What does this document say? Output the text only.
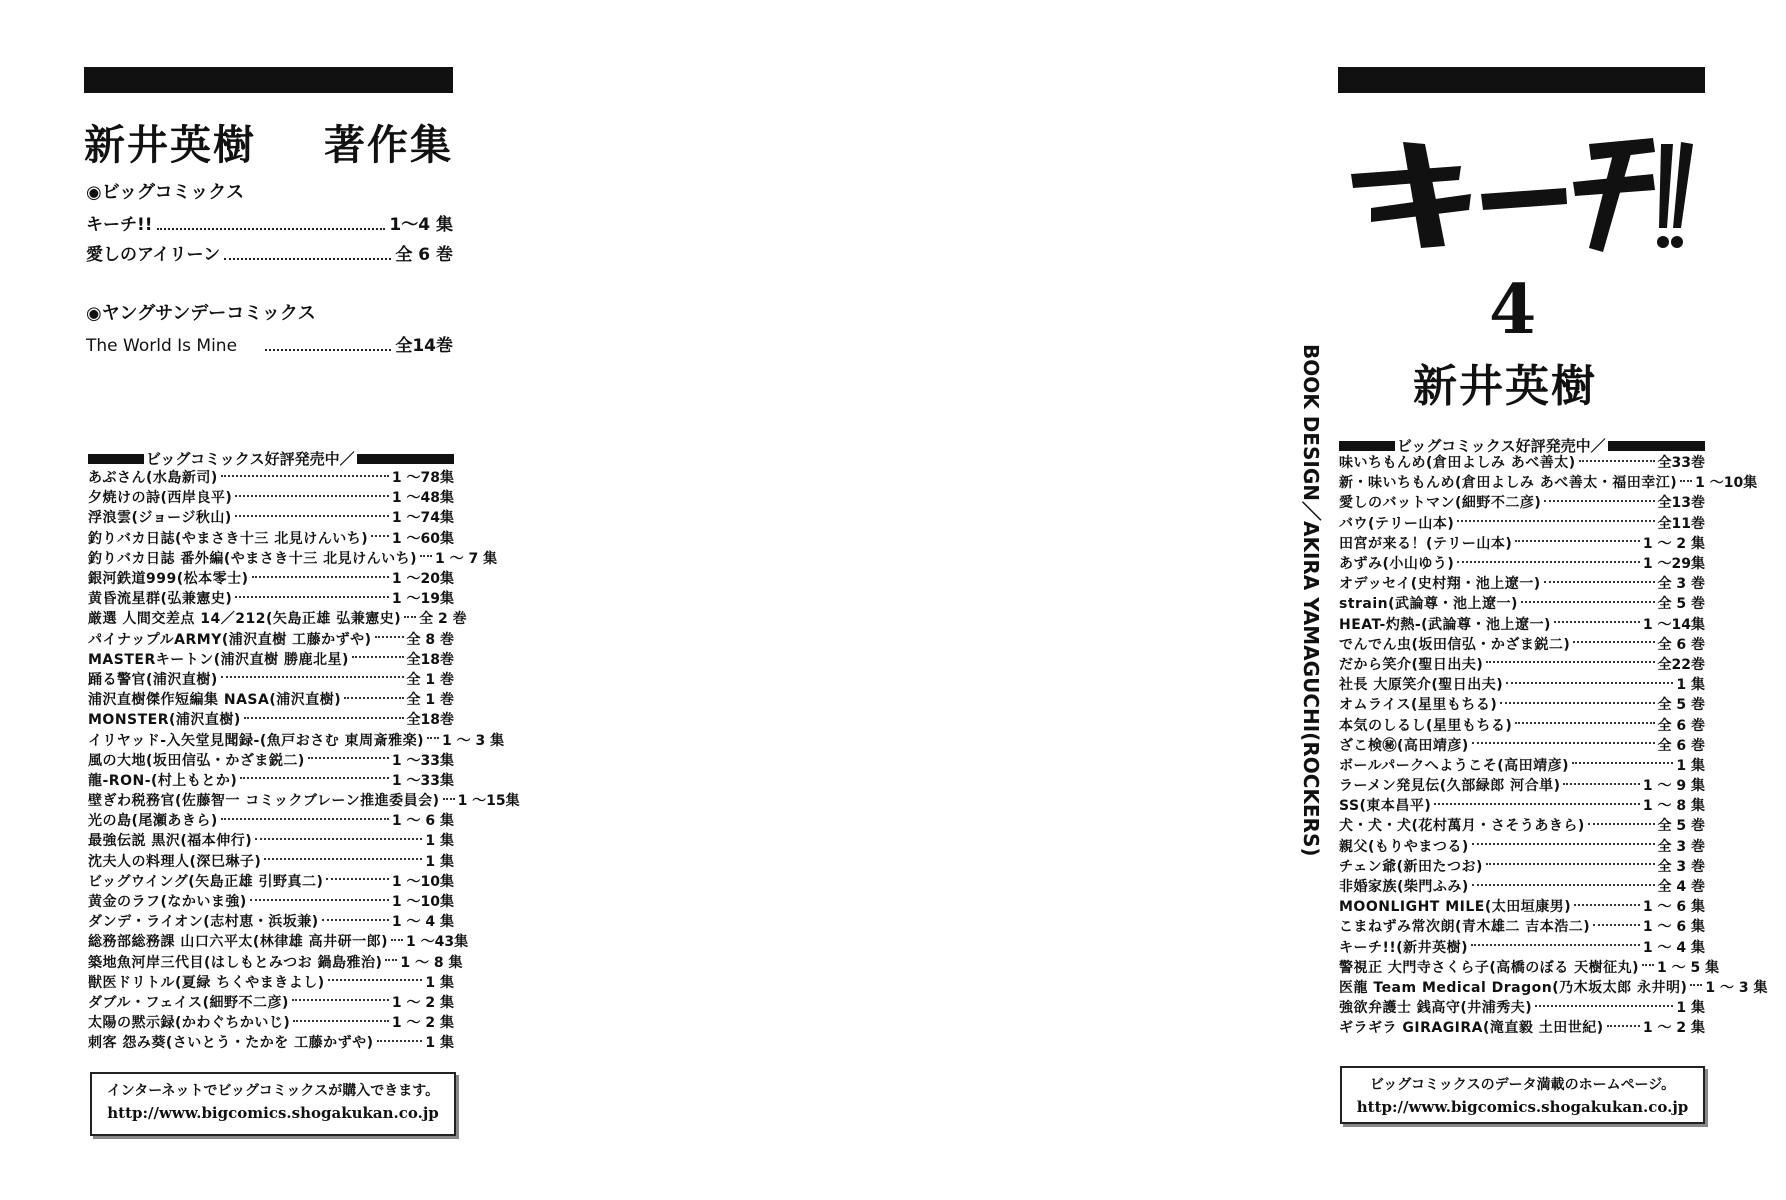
新井英樹 著作集
◉ビッグコミックス
キーチ!!	1～4 集
愛しのアイリーン	全 6 巻
◉ヤングサンデーコミックス
The World Is Mine	全14巻
ビッグコミックス好評発売中／
あぶさん(水島新司)	1 ～78集
夕焼けの詩(西岸良平)	1 ～48集
浮浪雲(ジョージ秋山)	1 ～74集
釣りバカ日誌(やまさき十三 北見けんいち) 1 ～60集
釣りバカ日誌 番外編(やまさき十三 北見けんいち) 1 ～ 7 集
銀河鉄道999(松本零士)	1 ～20集
黄昏流星群(弘兼憲史)	1 ～19集
厳選 人間交差点 14／212(矢島正雄 弘兼憲史) 全 2 巻
パイナップルARMY(浦沢直樹 工藤かずや) 全 8 巻
MASTERキートン(浦沢直樹 勝鹿北星)	全18巻
踊る警官(浦沢直樹)	全 1 巻
浦沢直樹傑作短編集 NASA(浦沢直樹)	全 1 巻
MONSTER(浦沢直樹)	全18巻
イリヤッド-入矢堂見聞録-(魚戸おさむ 東周斎雅楽) 1 ～ 3 集
風の大地(坂田信弘・かざま鋭二)	1 ～33集
龍-RON-(村上もとか)	1 ～33集
壁ぎわ税務官(佐藤智一 コミックブレーン推進委員会) 1 ～15集
光の島(尾瀬あきら)	1 ～ 6 集
最強伝説 黒沢(福本伸行)	1 集
沈夫人の料理人(深巳琳子)	1 集
ビッグウイング(矢島正雄 引野真二)	1 ～10集
黄金のラフ(なかいま強)	1 ～10集
ダンデ・ライオン(志村恵・浜坂兼)	1 ～ 4 集
総務部総務課 山口六平太(林律雄 高井研一郎) 1 ～43集
築地魚河岸三代目(はしもとみつお 鍋島雅治) 1 ～ 8 集
獣医ドリトル(夏緑 ちくやまきよし)	1 集
ダブル・フェイス(細野不二彦)	1 ～ 2 集
太陽の黙示録(かわぐちかいじ)	1 ～ 2 集
刺客 怨み葵(さいとう・たかを 工藤かずや)	1 集
インターネットでビッグコミックスが購入できます。
http://www.bigcomics.shogakukan.co.jp
4
新井英樹
BOOK DESIGN／AKIRA YAMAGUCHI(ROCKERS)	ビッグコミックス好評発売中／
味いちもんめ(倉田よしみ あべ善太)	全33巻
新・味いちもんめ(倉田よしみ あべ善太・福田幸江) 1 ～10集
愛しのバットマン(細野不二彦)	全13巻
バウ(テリー山本)	全11巻
田宮が来る！(テリー山本)	1 ～ 2 集
あずみ(小山ゆう)	1 ～29集
オデッセイ(史村翔・池上遼一)	全 3 巻
strain(武論尊・池上遼一)	全 5 巻
HEAT-灼熱-(武論尊・池上遼一)	1 ～14集
でんでん虫(坂田信弘・かざま鋭二)	全 6 巻
だから笑介(聖日出夫)	全22巻
社長 大原笑介(聖日出夫)	1 集
オムライス(星里もちる)	全 5 巻
本気のしるし(星里もちる)	全 6 巻
ざこ検㊙(高田靖彦)	全 6 巻
ボールパークへようこそ(高田靖彦)	1 集
ラーメン発見伝(久部緑郎 河合単)	1 ～ 9 集
SS(東本昌平)	1 ～ 8 集
犬・犬・犬(花村萬月・さそうあきら)	全 5 巻
親父(もりやまつる)	全 3 巻
チェン爺(新田たつお)	全 3 巻
非婚家族(柴門ふみ)	全 4 巻
MOONLIGHT MILE(太田垣康男)	1 ～ 6 集
こまねずみ常次朗(青木雄二 吉本浩二)	1 ～ 6 集
キーチ!!(新井英樹)	1 ～ 4 集
警視正 大門寺さくら子(高橋のぼる 天樹征丸) 1 ～ 5 集
医龍 Team Medical Dragon(乃木坂太郎 永井明) 1 ～ 3 集
強欲弁護士 銭高守(井浦秀夫)	1 集
ギラギラ GIRAGIRA(滝直毅 土田世紀)	1 ～ 2 集
ビッグコミックスのデータ満載のホームページ。
http://www.bigcomics.shogakukan.co.jp
